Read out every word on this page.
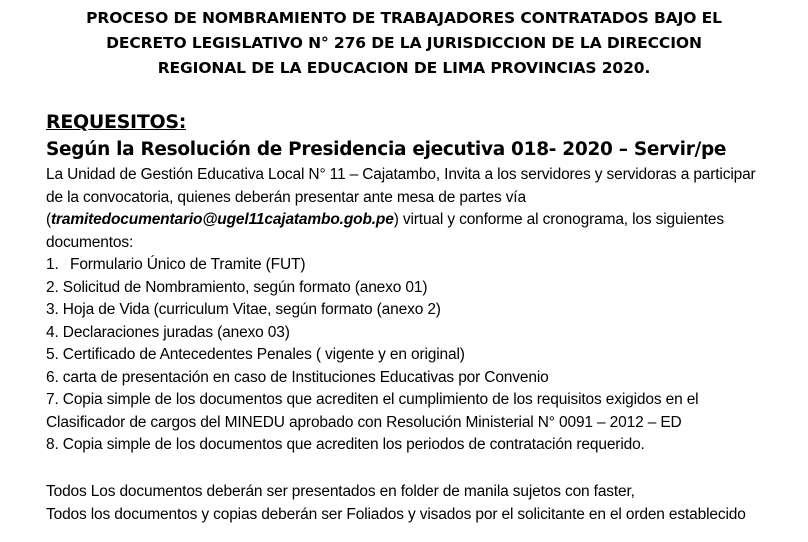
PROCESO DE NOMBRAMIENTO DE TRABAJADORES CONTRATADOS BAJO EL
DECRETO LEGISLATIVO N° 276 DE LA JURISDICCION DE LA DIRECCION
REGIONAL DE LA EDUCACION DE LIMA PROVINCIAS 2020.
REQUESITOS:
Según la Resolución de Presidencia ejecutiva 018- 2020 – Servir/pe
La Unidad de Gestión Educativa Local N° 11 – Cajatambo, Invita a los servidores y servidoras a participar
de la convocatoria, quienes deberán presentar ante mesa de partes vía
(tramitedocumentario@ugel11cajatambo.gob.pe) virtual y conforme al cronograma, los siguientes
documentos:
1. Formulario Único de Tramite (FUT)
2. Solicitud de Nombramiento, según formato (anexo 01)
3. Hoja de Vida (curriculum Vitae, según formato (anexo 2)
4. Declaraciones juradas (anexo 03)
5. Certificado de Antecedentes Penales ( vigente y en original)
6. carta de presentación en caso de Instituciones Educativas por Convenio
7. Copia simple de los documentos que acrediten el cumplimiento de los requisitos exigidos en el
Clasificador de cargos del MINEDU aprobado con Resolución Ministerial N° 0091 – 2012 – ED
8. Copia simple de los documentos que acrediten los periodos de contratación requerido.
Todos Los documentos deberán ser presentados en folder de manila sujetos con faster,
Todos los documentos y copias deberán ser Foliados y visados por el solicitante en el orden establecido
